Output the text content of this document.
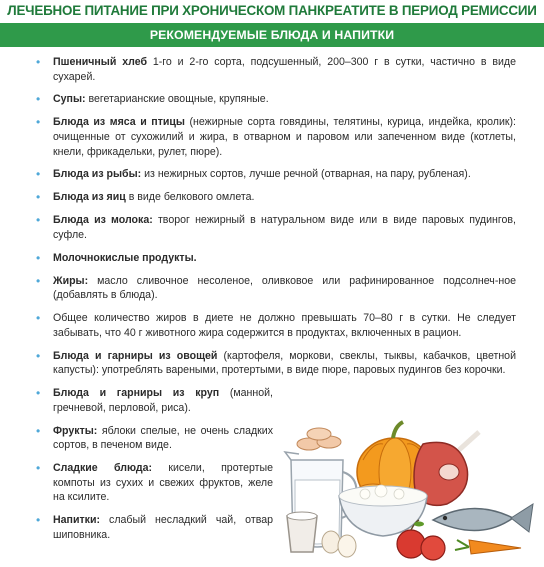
ЛЕЧЕБНОЕ ПИТАНИЕ ПРИ ХРОНИЧЕСКОМ ПАНКРЕАТИТЕ В ПЕРИОД РЕМИССИИ
РЕКОМЕНДУЕМЫЕ БЛЮДА И НАПИТКИ
• Пшеничный хлеб 1-го и 2-го сорта, подсушенный, 200–300 г в сутки, частично в виде сухарей.
• Супы: вегетарианские овощные, крупяные.
• Блюда из мяса и птицы (нежирные сорта говядины, телятины, курица, индейка, кролик): очищенные от сухожилий и жира, в отварном и паровом или запеченном виде (котлеты, кнели, фрикадельки, рулет, пюре).
• Блюда из рыбы: из нежирных сортов, лучше речной (отварная, на пару, рубленая).
• Блюда из яиц в виде белкового омлета.
• Блюда из молока: творог нежирный в натуральном виде или в виде паровых пудингов, суфле.
• Молочнокислые продукты.
• Жиры: масло сливочное несоленое, оливковое или рафинированное подсолнеч-ное (добавлять в блюда).
• Общее количество жиров в диете не должно превышать 70–80 г в сутки. Не следует забывать, что 40 г животного жира содержится в продуктах, включенных в рацион.
• Блюда и гарниры из овощей (картофеля, моркови, свеклы, тыквы, кабачков, цветной капусты): употреблять вареными, протертыми, в виде пюре, паровых пудингов без корочки.
• Блюда и гарниры из круп (манной, гречневой, перловой, риса).
• Фрукты: яблоки спелые, не очень сладких сортов, в печеном виде.
• Сладкие блюда: кисели, протертые компоты из сухих и свежих фруктов, желе на ксилите.
• Напитки: слабый несладкий чай, отвар шиповника.
